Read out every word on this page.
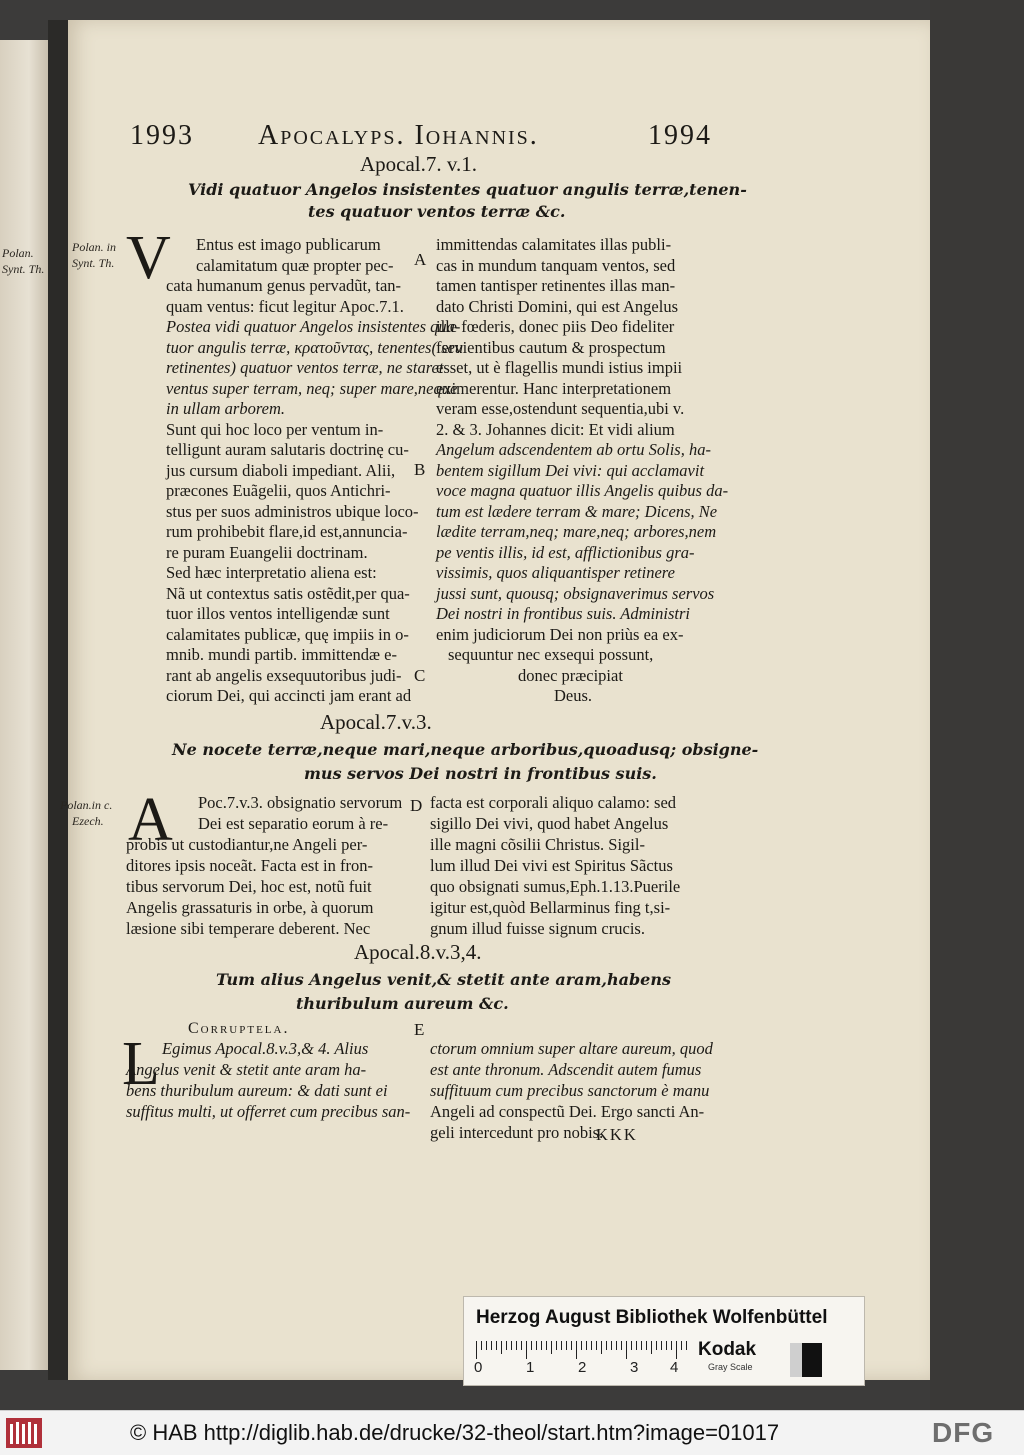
Polan.
Synt. Th.
1993 Apocalyps. Iohannis.	1994
Apocal.7. v.1.
Vidi quatuor Angelos insistentes quatuor angulis terræ,tenen-
tes quatuor ventos terræ &c.
Polan. in
Synt. Th. V Entus est imago publicarum
calamitatum quæ propter pec-
cata humanum genus pervadũt, tan-
quam ventus: ficut legitur Apoc.7.1.
Postea vidi quatuor Angelos insistentes qua-
tuor angulis terræ, κρατοῦντας, tenentes( seu
retinentes) quatuor ventos terræ, ne staret
ventus super terram, neq; super mare,neque
in ullam arborem.
Sunt qui hoc loco per ventum in-
telligunt auram salutaris doctrinę cu-
jus cursum diaboli impediant. Alii,
præcones Euãgelii, quos Antichri-
stus per suos administros ubique loco-
rum prohibebit flare,id est,annuncia-
re puram Euangelii doctrinam.
Sed hæc interpretatio aliena est:
Nã ut contextus satis ostẽdit,per qua-
tuor illos ventos intelligendæ sunt
calamitates publicæ, quę impiis in o-
mnib. mundi partib. immittendæ e-
rant ab angelis exsequutoribus judi-
ciorum Dei, qui accincti jam erant ad
immittendas calamitates illas publi-
cas in mundum tanquam ventos, sed
tamen tantisper retinentes illas man-
dato Christi Domini, qui est Angelus
ille fœderis, donec piis Deo fideliter
fervientibus cautum & prospectum
esset, ut è flagellis mundi istius impii
eximerentur. Hanc interpretationem
veram esse,ostendunt sequentia,ubi v.
2. & 3. Johannes dicit: Et vidi alium
Angelum adscendentem ab ortu Solis, ha-
bentem sigillum Dei vivi: qui acclamavit
voce magna quatuor illis Angelis quibus da-
tum est lædere terram & mare; Dicens, Ne
lædite terram,neq; mare,neq; arbores,nem
pe ventis illis, id est, afflictionibus gra-
vissimis, quos aliquantisper retinere
jussi sunt, quousq; obsignaverimus servos
Dei nostri in frontibus suis. Administri
enim judiciorum Dei non priùs ea ex-
sequuntur nec exsequi possunt,
donec præcipiat
Deus.
A
B
C
Apocal.7.v.3.
Ne nocete terræ,neque mari,neque arboribus,quoadusq; obsigne-
mus servos Dei nostri in frontibus suis.
Polan.in c.
Ezech. A Poc.7.v.3. obsignatio servorum
Dei est separatio eorum à re-
probis ut custodiantur,ne Angeli per-
ditores ipsis noceãt. Facta est in fron-
tibus servorum Dei, hoc est, notũ fuit
Angelis grassaturis in orbe, à quorum
læsione sibi temperare deberent. Nec
facta est corporali aliquo calamo: sed
sigillo Dei vivi, quod habet Angelus
ille magni cõsilii Christus. Sigil-
lum illud Dei vivi est Spiritus Sãctus
quo obsignati sumus,Eph.1.13.Puerile
igitur est,quòd Bellarminus fing t,si-
gnum illud fuisse signum crucis.
D
Apocal.8.v.3,4.
Tum alius Angelus venit,& stetit ante aram,habens
thuribulum aureum &c.
Corruptela.
L Egimus Apocal.8.v.3,& 4. Alius
Angelus venit & stetit ante aram ha-
bens thuribulum aureum: & dati sunt ei
suffitus multi, ut offerret cum precibus san-
ctorum omnium super altare aureum, quod
est ante thronum. Adscendit autem fumus
suffituum cum precibus sanctorum è manu
Angeli ad conspectũ Dei. Ergo sancti An-
geli intercedunt pro nobis.
E
KKK
Herzog August Bibliothek Wolfenbüttel
0	1	2	3 4
Kodak
Gray Scale
© HAB http://diglib.hab.de/drucke/32-theol/start.htm?image=01017	DFG
